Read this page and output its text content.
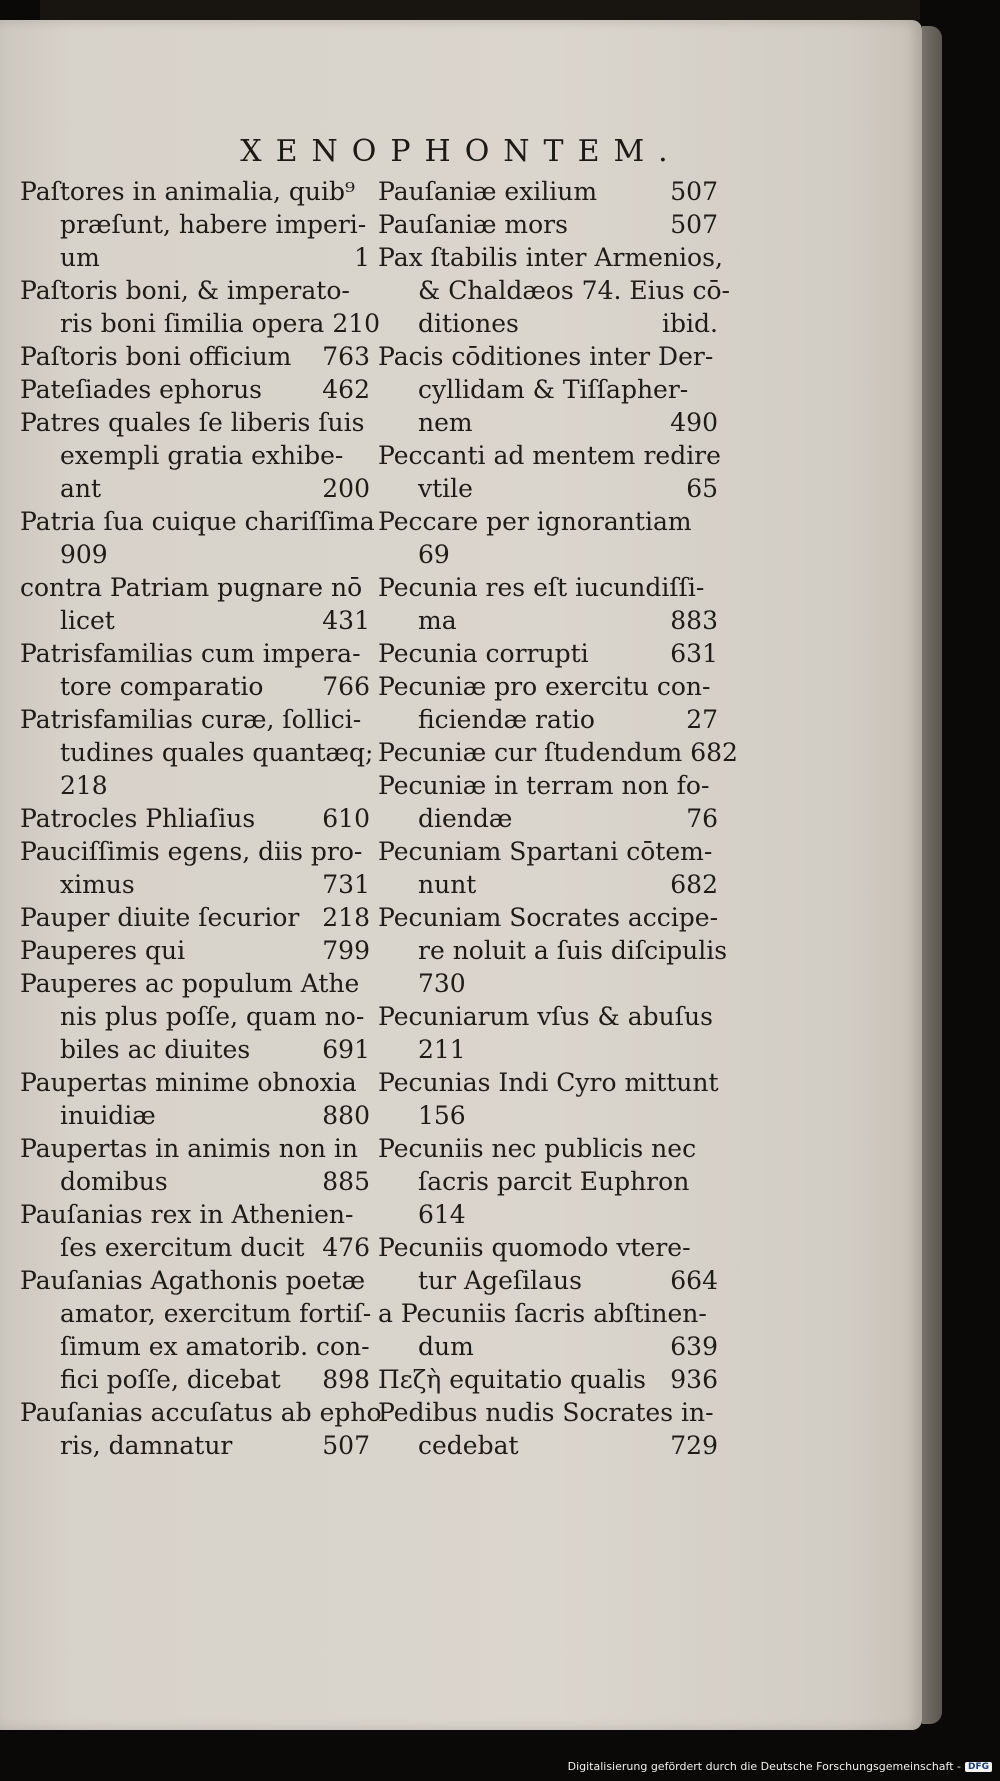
XENOPHONTEM.
Paſtores in animalia, quib⁹
præſunt, habere imperi-
um	1
Paſtoris boni, & imperato-
ris boni ſimilia opera 210
Paſtoris boni officium 763
Pateſiades ephorus 462
Patres quales ſe liberis ſuis
exempli gratia exhibe-
ant	200
Patria ſua cuique chariſſima
909
contra Patriam pugnare nō
licet	431
Patrisfamilias cum impera-
tore comparatio 766
Patrisfamilias curæ, ſollici-
tudines quales quantæq;
218
Patrocles Phliaſius	610
Pauciſſimis egens, diis pro-
ximus	731
Pauper diuite ſecurior 218
Pauperes qui	799
Pauperes ac populum Athe
nis plus poſſe, quam no-
biles ac diuites	691
Paupertas minime obnoxia
inuidiæ	880
Paupertas in animis non in
domibus	885
Pauſanias rex in Athenien-
ſes exercitum ducit 476
Pauſanias Agathonis poetæ
amator, exercitum fortiſ-
ſimum ex amatorib. con-
fici poſſe, dicebat 898
Pauſanias accuſatus ab epho
ris, damnatur	507
Pauſaniæ exilium	507
Pauſaniæ mors	507
Pax ſtabilis inter Armenios,
& Chaldæos 74. Eius cō-
ditiones	ibid.
Pacis cōditiones inter Der-
cyllidam & Tiſſapher-
nem	490
Peccanti ad mentem redire
vtile	65
Peccare per ignorantiam
69
Pecunia res eſt iucundiſſi-
ma	883
Pecunia corrupti	631
Pecuniæ pro exercitu con-
ficiendæ ratio	27
Pecuniæ cur ſtudendum 682
Pecuniæ in terram non fo-
diendæ	76
Pecuniam Spartani cōtem-
nunt	682
Pecuniam Socrates accipe-
re noluit a ſuis diſcipulis
730
Pecuniarum vſus & abuſus
211
Pecunias Indi Cyro mittunt
156
Pecuniis nec publicis nec
ſacris parcit Euphron
614
Pecuniis quomodo vtere-
tur Ageſilaus	664
a Pecuniis ſacris abſtinen-
dum	639
Πεζὴ equitatio qualis 936
Pedibus nudis Socrates in-
cedebat	729
Digitalisierung gefördert durch die Deutsche Forschungsgemeinschaft - DFG
